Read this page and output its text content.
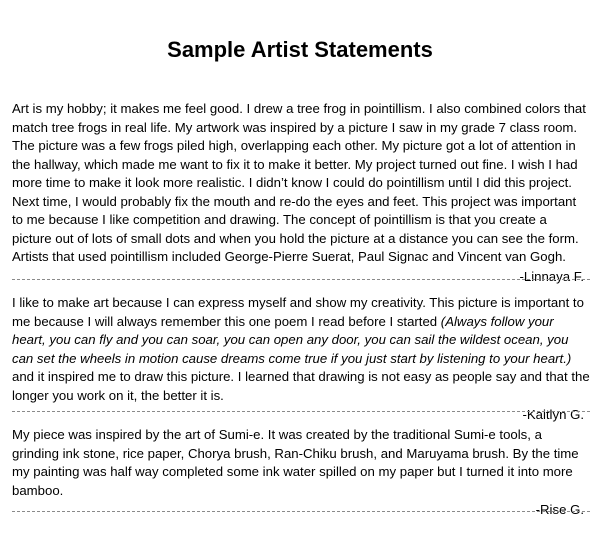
Sample Artist Statements

Art is my hobby; it makes me feel good. I drew a tree frog in pointillism. I also combined colors that match tree frogs in real life. My artwork was inspired by a picture I saw in my grade 7 class room. The picture was a few frogs piled high, overlapping each other. My picture got a lot of attention in the hallway, which made me want to fix it to make it better. My project turned out fine. I wish I had more time to make it look more realistic. I didn’t know I could do pointillism until I did this project. Next time, I would probably fix the mouth and re-do the eyes and feet. This project was important to me because I like competition and drawing. The concept of pointillism is that you create a picture out of lots of small dots and when you hold the picture at a distance you can see the form. Artists that used pointillism included George-Pierre Suerat, Paul Signac and Vincent van Gogh.

-Linnaya F.

I like to make art because I can express myself and show my creativity. This picture is important to me because I will always remember this one poem I read before I started (Always follow your heart, you can fly and you can soar, you can open any door, you can sail the wildest ocean, you can set the wheels in motion cause dreams come true if you just start by listening to your heart.) and it inspired me to draw this picture. I learned that drawing is not easy as people say and that the longer you work on it, the better it is.

-Kaitlyn G.

My piece was inspired by the art of Sumi-e. It was created by the traditional Sumi-e tools, a grinding ink stone, rice paper, Chorya brush, Ran-Chiku brush, and Maruyama brush. By the time my painting was half way completed some ink water spilled on my paper but I turned it into more bamboo.

-Rise G.
